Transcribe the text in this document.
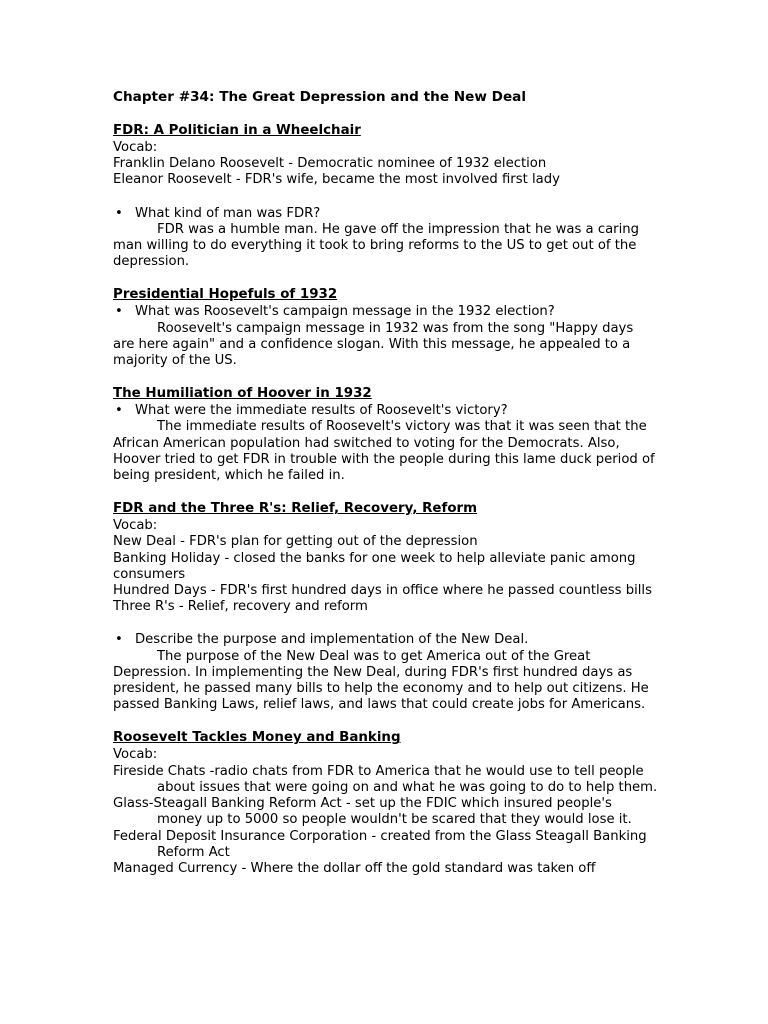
Chapter #34: The Great Depression and the New Deal

FDR: A Politician in a Wheelchair

Vocab:

Franklin Delano Roosevelt - Democratic nominee of 1932 election

Eleanor Roosevelt - FDR's wife, became the most involved first lady

• What kind of man was FDR?

FDR was a humble man. He gave off the impression that he was a caring man willing to do everything it took to bring reforms to the US to get out of the depression.

Presidential Hopefuls of 1932

• What was Roosevelt's campaign message in the 1932 election?

Roosevelt's campaign message in 1932 was from the song "Happy days are here again" and a confidence slogan. With this message, he appealed to a majority of the US.

The Humiliation of Hoover in 1932

• What were the immediate results of Roosevelt's victory?

The immediate results of Roosevelt's victory was that it was seen that the African American population had switched to voting for the Democrats. Also, Hoover tried to get FDR in trouble with the people during this lame duck period of being president, which he failed in.

FDR and the Three R's: Relief, Recovery, Reform

Vocab:

New Deal - FDR's plan for getting out of the depression

Banking Holiday - closed the banks for one week to help alleviate panic among consumers

Hundred Days - FDR's first hundred days in office where he passed countless bills

Three R's - Relief, recovery and reform

• Describe the purpose and implementation of the New Deal.

The purpose of the New Deal was to get America out of the Great Depression. In implementing the New Deal, during FDR's first hundred days as president, he passed many bills to help the economy and to help out citizens. He passed Banking Laws, relief laws, and laws that could create jobs for Americans.

Roosevelt Tackles Money and Banking

Vocab:

Fireside Chats -radio chats from FDR to America that he would use to tell people about issues that were going on and what he was going to do to help them.

Glass-Steagall Banking Reform Act - set up the FDIC which insured people's money up to 5000 so people wouldn't be scared that they would lose it.

Federal Deposit Insurance Corporation - created from the Glass Steagall Banking Reform Act

Managed Currency - Where the dollar off the gold standard was taken off
